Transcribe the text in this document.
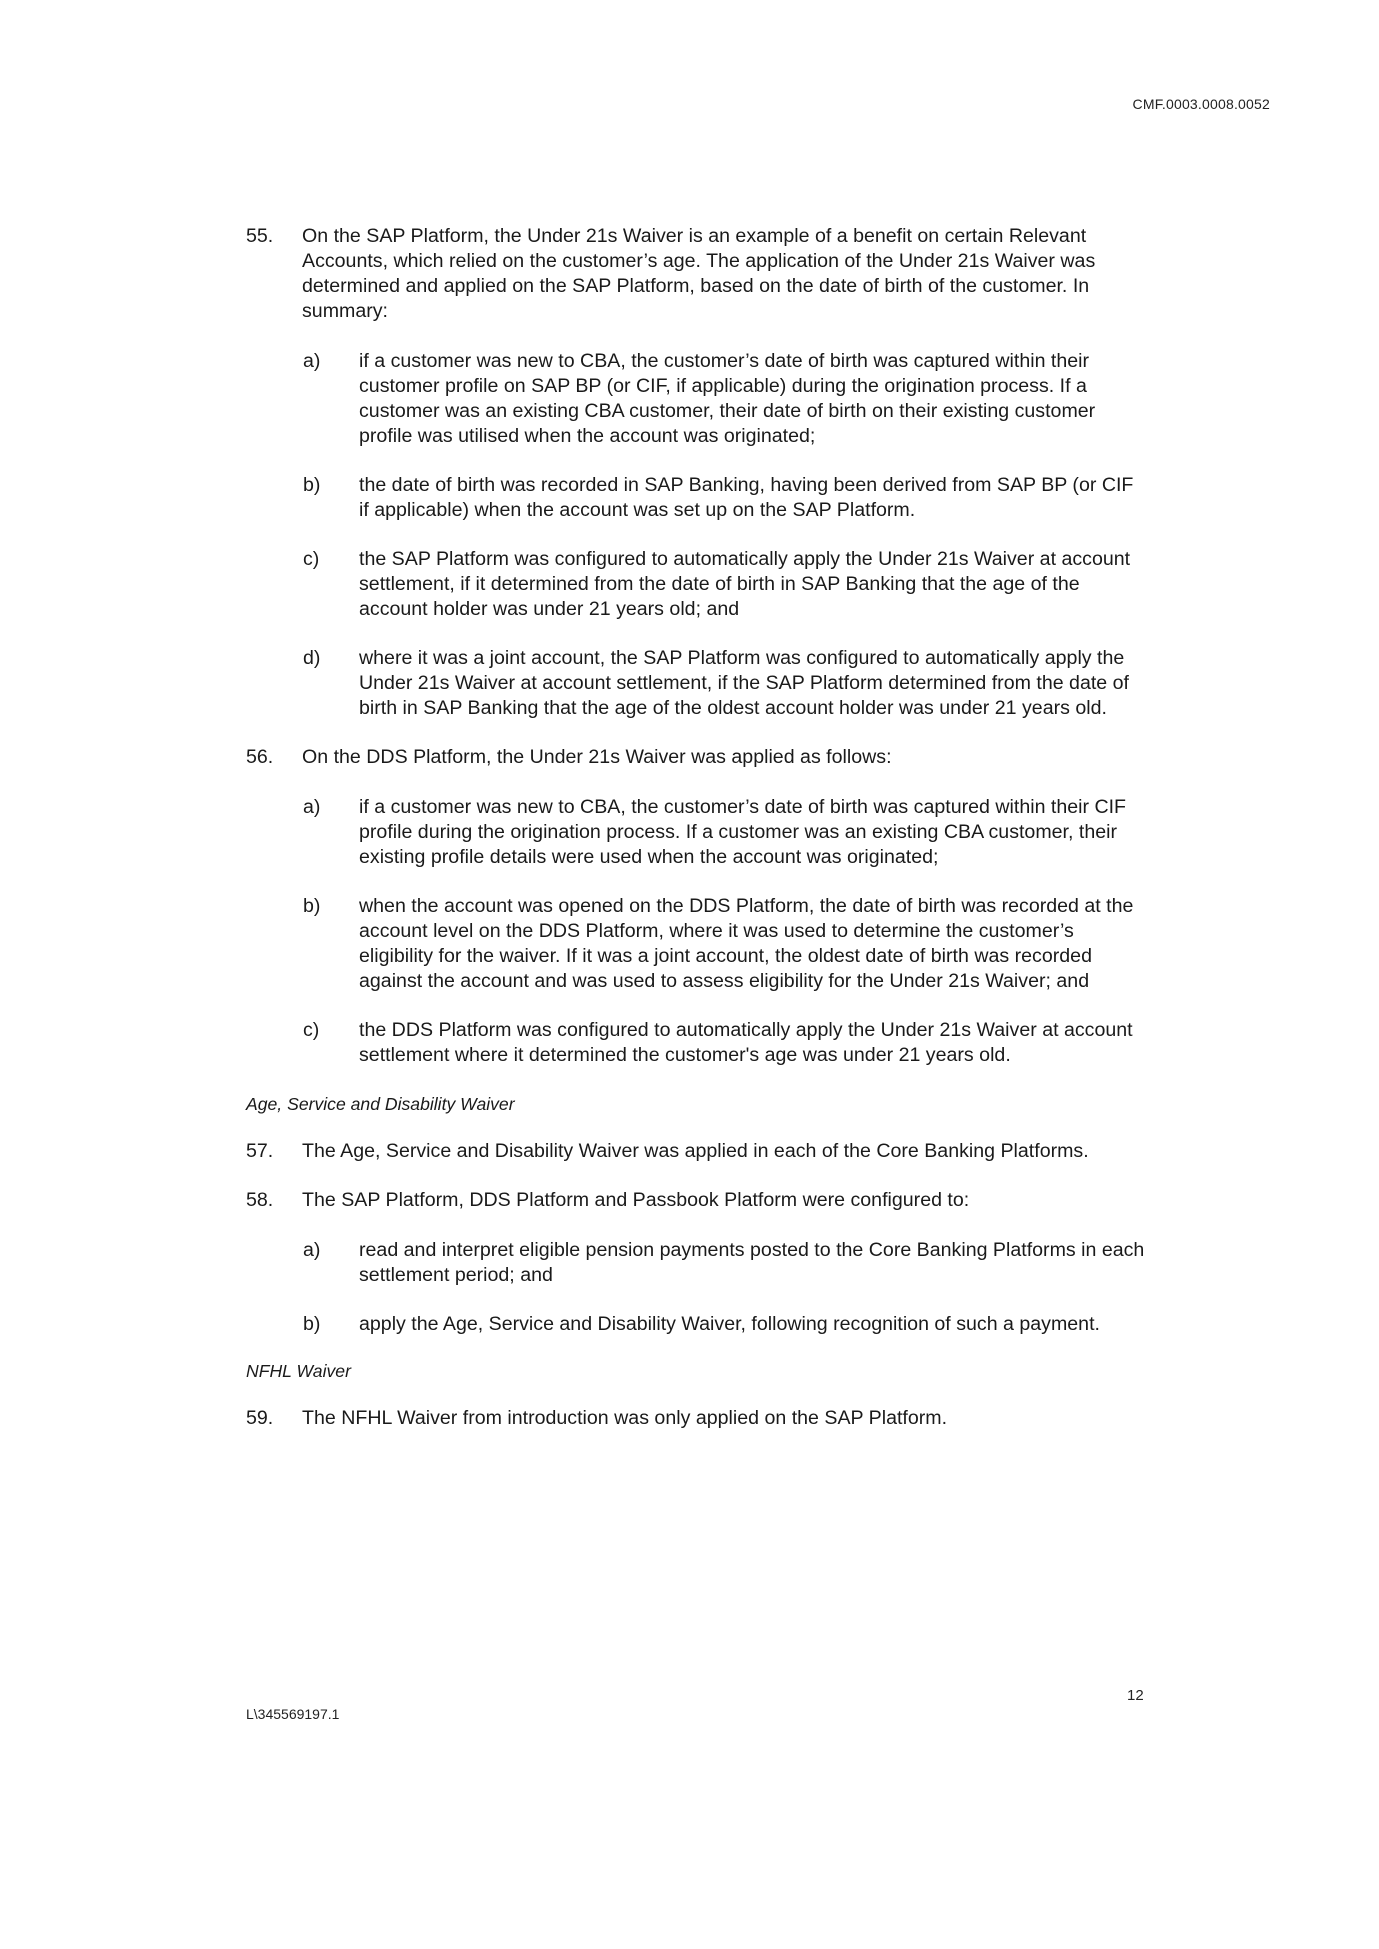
CMF.0003.0008.0052
55. On the SAP Platform, the Under 21s Waiver is an example of a benefit on certain Relevant Accounts, which relied on the customer’s age. The application of the Under 21s Waiver was determined and applied on the SAP Platform, based on the date of birth of the customer. In summary:
a) if a customer was new to CBA, the customer’s date of birth was captured within their customer profile on SAP BP (or CIF, if applicable) during the origination process. If a customer was an existing CBA customer, their date of birth on their existing customer profile was utilised when the account was originated;
b) the date of birth was recorded in SAP Banking, having been derived from SAP BP (or CIF if applicable) when the account was set up on the SAP Platform.
c) the SAP Platform was configured to automatically apply the Under 21s Waiver at account settlement, if it determined from the date of birth in SAP Banking that the age of the account holder was under 21 years old; and
d) where it was a joint account, the SAP Platform was configured to automatically apply the Under 21s Waiver at account settlement, if the SAP Platform determined from the date of birth in SAP Banking that the age of the oldest account holder was under 21 years old.
56. On the DDS Platform, the Under 21s Waiver was applied as follows:
a) if a customer was new to CBA, the customer’s date of birth was captured within their CIF profile during the origination process. If a customer was an existing CBA customer, their existing profile details were used when the account was originated;
b) when the account was opened on the DDS Platform, the date of birth was recorded at the account level on the DDS Platform, where it was used to determine the customer’s eligibility for the waiver. If it was a joint account, the oldest date of birth was recorded against the account and was used to assess eligibility for the Under 21s Waiver; and
c) the DDS Platform was configured to automatically apply the Under 21s Waiver at account settlement where it determined the customer's age was under 21 years old.
Age, Service and Disability Waiver
57. The Age, Service and Disability Waiver was applied in each of the Core Banking Platforms.
58. The SAP Platform, DDS Platform and Passbook Platform were configured to:
a) read and interpret eligible pension payments posted to the Core Banking Platforms in each settlement period; and
b) apply the Age, Service and Disability Waiver, following recognition of such a payment.
NFHL Waiver
59. The NFHL Waiver from introduction was only applied on the SAP Platform.
12
L\345569197.1
